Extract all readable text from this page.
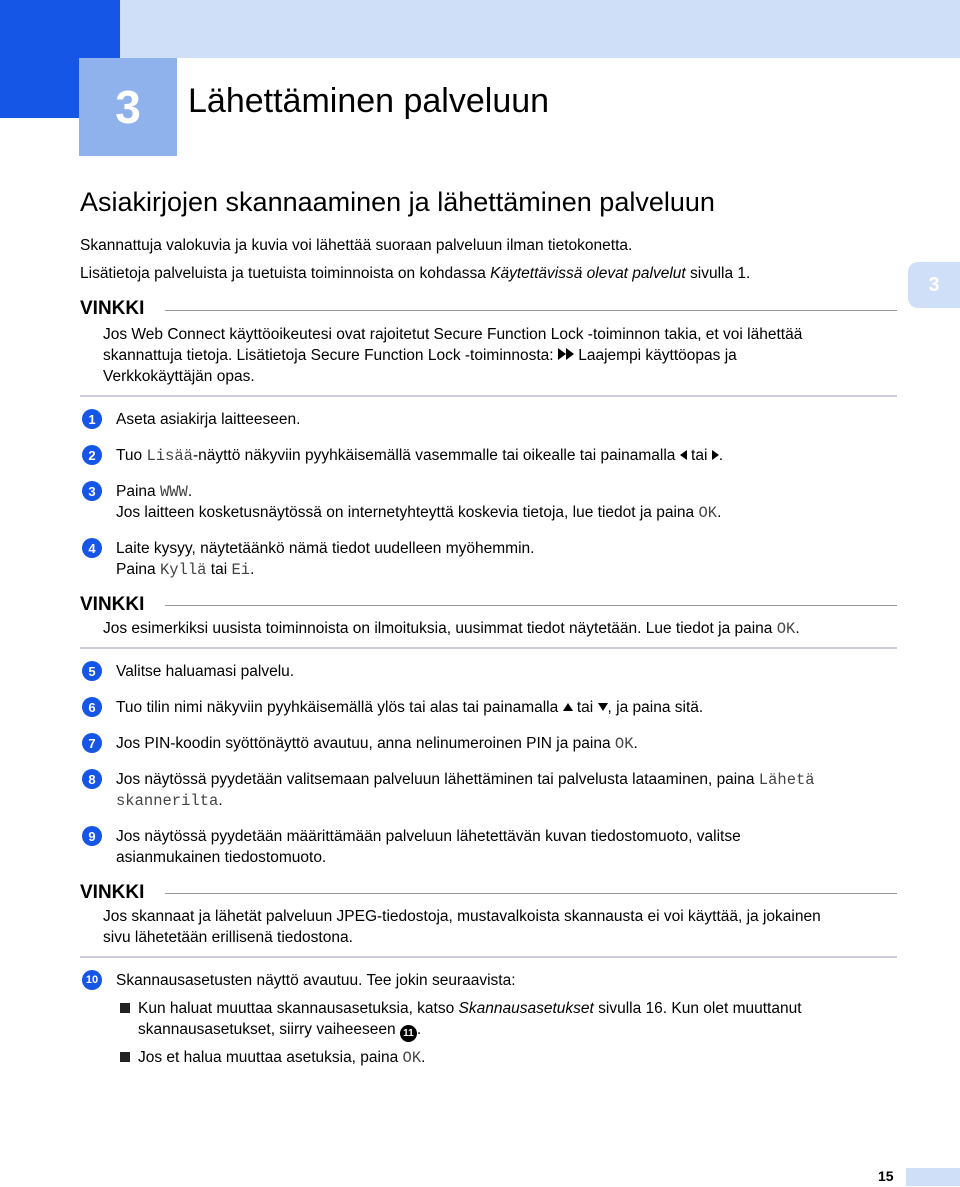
3	Lähettäminen palveluun
Asiakirjojen skannaaminen ja lähettäminen palveluun
Skannattuja valokuvia ja kuvia voi lähettää suoraan palveluun ilman tietokonetta.
Lisätietoja palveluista ja tuetuista toiminnoista on kohdassa Käytettävissä olevat palvelut sivulla 1.	3
VINKKI
Jos Web Connect käyttöoikeutesi ovat rajoitetut Secure Function Lock -toiminnon takia, et voi lähettää
skannattuja tietoja. Lisätietoja Secure Function Lock -toiminnosta:  Laajempi käyttöopas ja
Verkkokäyttäjän opas.
1	Aseta asiakirja laitteeseen.
2	Tuo Lisää-näyttö näkyviin pyyhkäisemällä vasemmalle tai oikealle tai painamalla  tai .
3	Paina WWW.
Jos laitteen kosketusnäytössä on internetyhteyttä koskevia tietoja, lue tiedot ja paina OK.
4	Laite kysyy, näytetäänkö nämä tiedot uudelleen myöhemmin.
Paina Kyllä tai Ei.
VINKKI
Jos esimerkiksi uusista toiminnoista on ilmoituksia, uusimmat tiedot näytetään. Lue tiedot ja paina OK.
5	Valitse haluamasi palvelu.
6	Tuo tilin nimi näkyviin pyyhkäisemällä ylös tai alas tai painamalla  tai , ja paina sitä.
7	Jos PIN-koodin syöttönäyttö avautuu, anna nelinumeroinen PIN ja paina OK.
8	Jos näytössä pyydetään valitsemaan palveluun lähettäminen tai palvelusta lataaminen, paina Lähetä
skannerilta.
9	Jos näytössä pyydetään määrittämään palveluun lähetettävän kuvan tiedostomuoto, valitse
asianmukainen tiedostomuoto.
VINKKI
Jos skannaat ja lähetät palveluun JPEG-tiedostoja, mustavalkoista skannausta ei voi käyttää, ja jokainen
sivu lähetetään erillisenä tiedostona.
10 Skannausasetusten näyttö avautuu. Tee jokin seuraavista:
Kun haluat muuttaa skannausasetuksia, katso Skannausasetukset sivulla 16. Kun olet muuttanut
skannausasetukset, siirry vaiheeseen 11 .
Jos et halua muuttaa asetuksia, paina OK.
15
